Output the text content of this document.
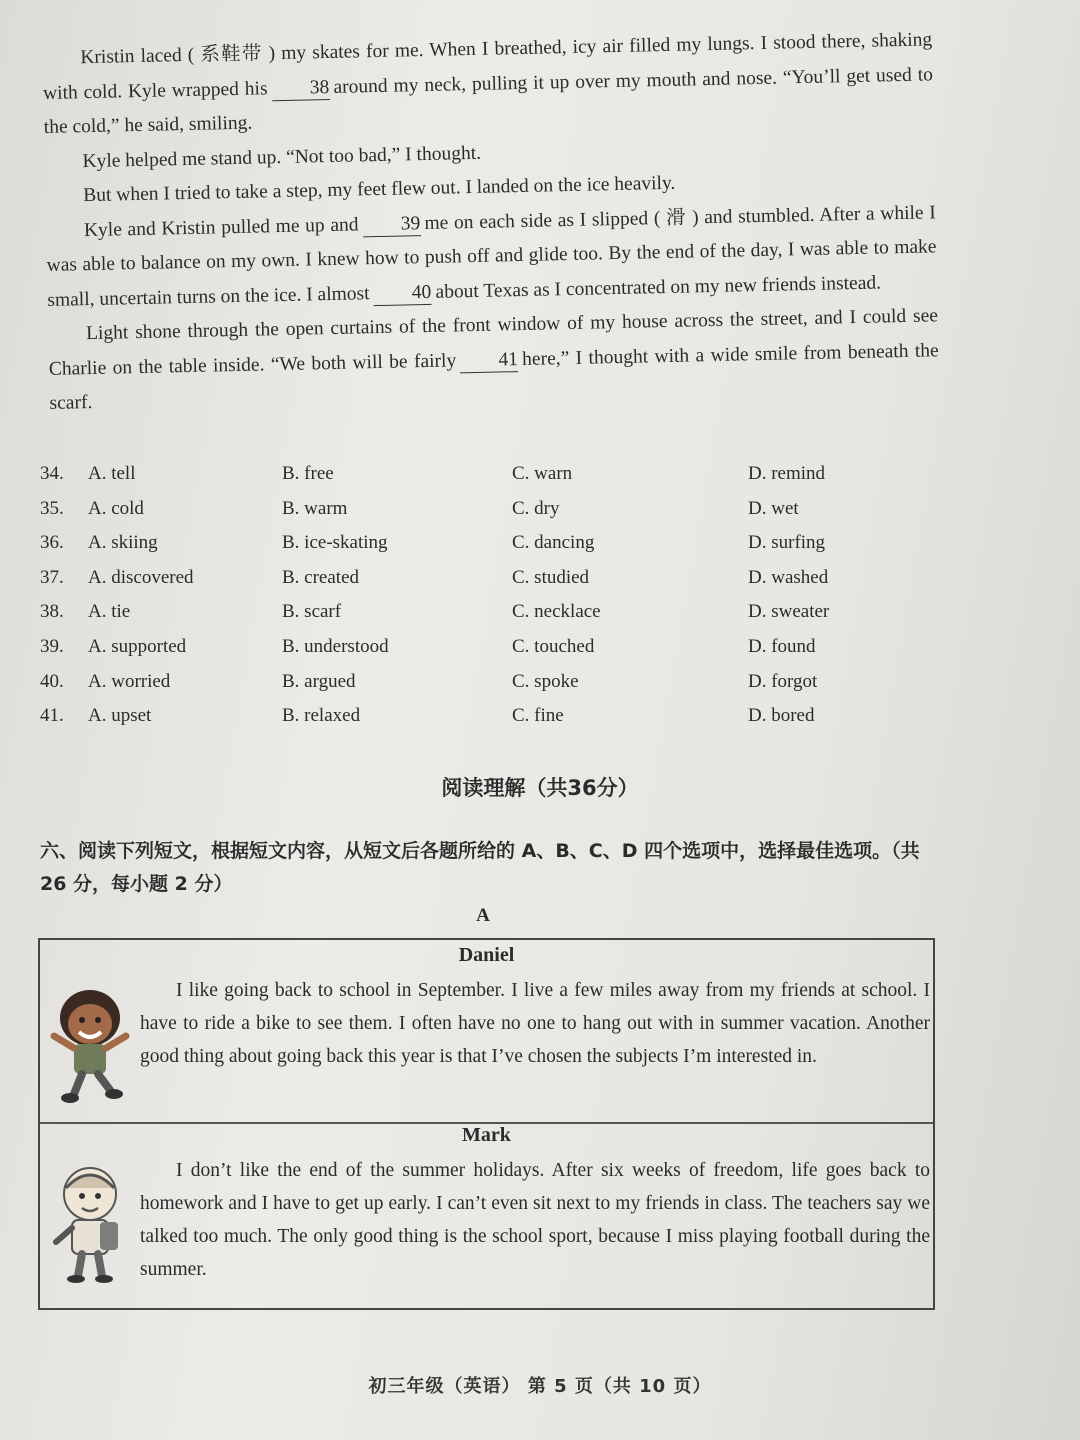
Kristin laced ( 系鞋带 ) my skates for me. When I breathed, icy air filled my lungs. I stood there, shaking with cold. Kyle wrapped his 38 around my neck, pulling it up over my mouth and nose. “You’ll get used to the cold,” he said, smiling.

Kyle helped me stand up. “Not too bad,” I thought.

But when I tried to take a step, my feet flew out. I landed on the ice heavily.

Kyle and Kristin pulled me up and 39 me on each side as I slipped ( 滑 ) and stumbled. After a while I was able to balance on my own. I knew how to push off and glide too. By the end of the day, I was able to make small, uncertain turns on the ice. I almost 40 about Texas as I concentrated on my new friends instead.

Light shone through the open curtains of the front window of my house across the street, and I could see Charlie on the table inside. “We both will be fairly 41 here,” I thought with a wide smile from beneath the scarf.

34. A. tell	B. free	C. warn	D. remind
35. A. cold	B. warm	C. dry	D. wet
36. A. skiing	B. ice-skating	C. dancing	D. surfing
37. A. discovered	B. created	C. studied	D. washed
38. A. tie	B. scarf	C. necklace	D. sweater
39. A. supported	B. understood	C. touched	D. found
40. A. worried	B. argued	C. spoke	D. forgot
41. A. upset	B. relaxed	C. fine	D. bored
阅读理解（共36分）
六、阅读下列短文，根据短文内容，从短文后各题所给的 A、B、C、D 四个选项中，选择最佳选项。（共 26 分，每小题 2 分）
A
Daniel
I like going back to school in September. I live a few miles away from my friends at school. I have to ride a bike to see them. I often have no one to hang out with in summer vacation. Another good thing about going back this year is that I’ve chosen the subjects I’m interested in.
Mark
I don’t like the end of the summer holidays. After six weeks of freedom, life goes back to homework and I have to get up early. I can’t even sit next to my friends in class. The teachers say we talked too much. The only good thing is the school sport, because I miss playing football during the summer.
初三年级（英语） 第 5 页（共 10 页）
